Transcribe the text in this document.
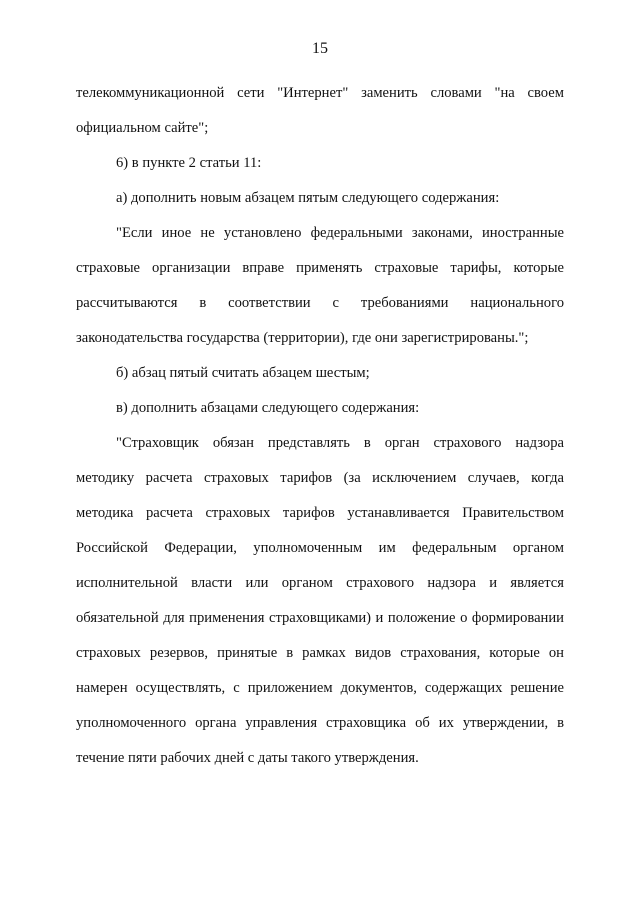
15

телекоммуникационной сети "Интернет" заменить словами "на своем официальном сайте";

6) в пункте 2 статьи 11:

а) дополнить новым абзацем пятым следующего содержания:

"Если иное не установлено федеральными законами, иностранные страховые организации вправе применять страховые тарифы, которые рассчитываются в соответствии с требованиями национального законодательства государства (территории), где они зарегистрированы.";

б) абзац пятый считать абзацем шестым;

в) дополнить абзацами следующего содержания:

"Страховщик обязан представлять в орган страхового надзора методику расчета страховых тарифов (за исключением случаев, когда методика расчета страховых тарифов устанавливается Правительством Российской Федерации, уполномоченным им федеральным органом исполнительной власти или органом страхового надзора и является обязательной для применения страховщиками) и положение о формировании страховых резервов, принятые в рамках видов страхования, которые он намерен осуществлять, с приложением документов, содержащих решение уполномоченного органа управления страховщика об их утверждении, в течение пяти рабочих дней с даты такого утверждения.
